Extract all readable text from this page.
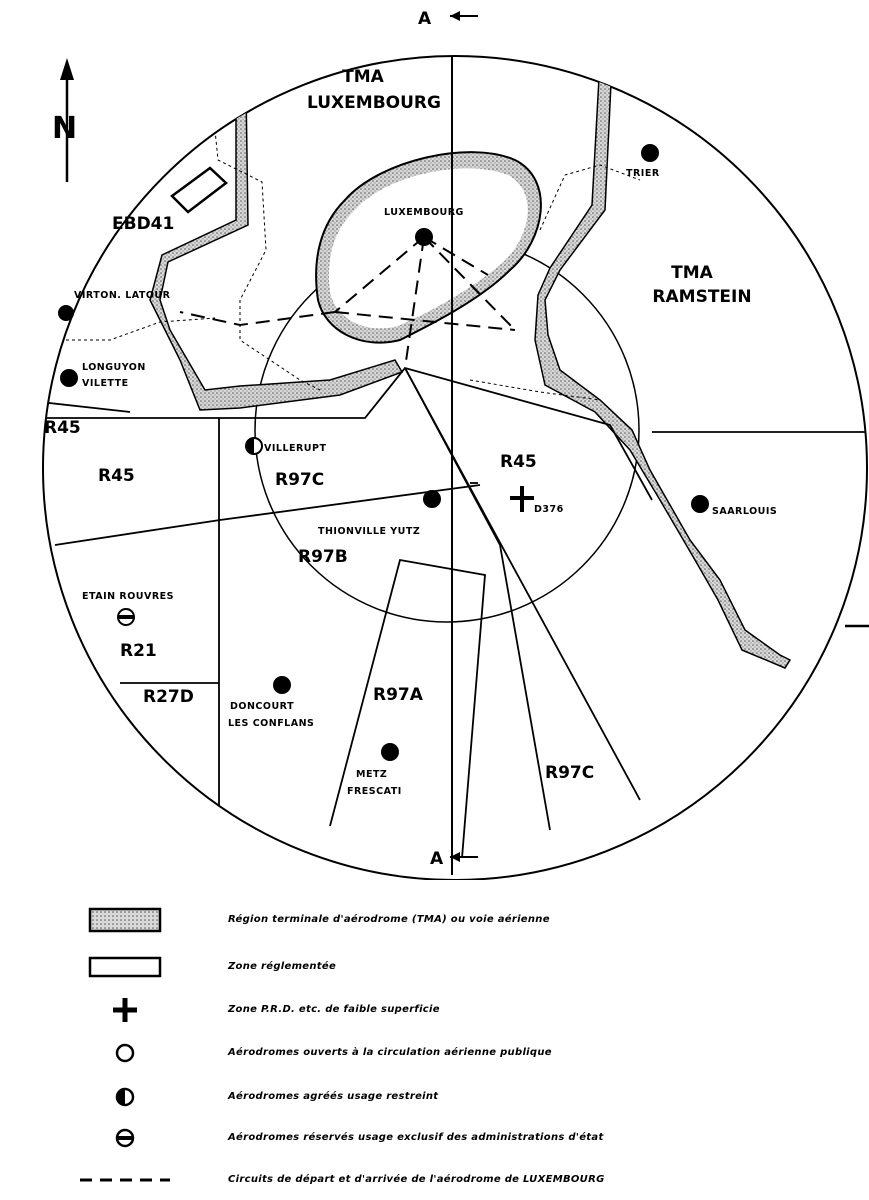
A
A
N
TMA
LUXEMBOURG
TMA
RAMSTEIN
EBD41
R45
R45	R97C
R45
R97B
R21
R27D	R97A
R97C
D376
LUXEMBOURG
TRIER
VIRTON. LATOUR
LONGUYON
VILETTE
VILLERUPT
THIONVILLE YUTZ
SAARLOUIS
ETAIN ROUVRES
DONCOURT
LES CONFLANS
METZ
FRESCATI
Région terminale d'aérodrome (TMA) ou voie aérienne
Zone réglementée
Zone P.R.D. etc. de faible superficie
Aérodromes ouverts à la circulation aérienne publique
Aérodromes agréés usage restreint
Aérodromes réservés usage exclusif des administrations d'état
Circuits de départ et d'arrivée de l'aérodrome de LUXEMBOURG
